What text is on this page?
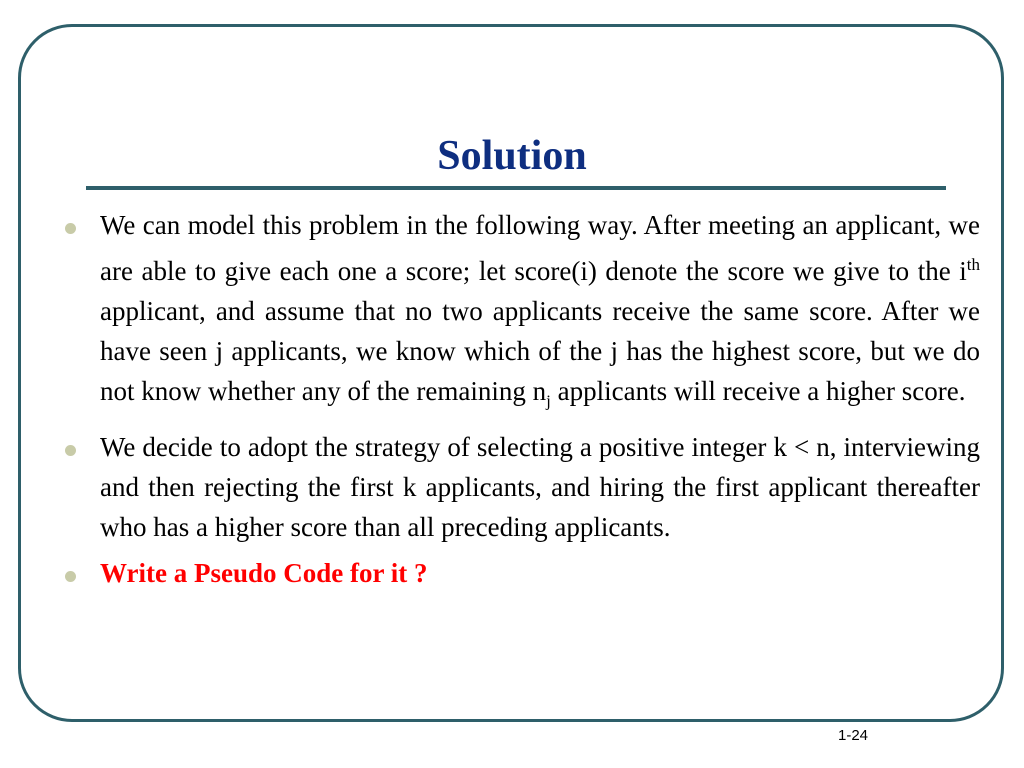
Solution
We can model this problem in the following way. After meeting an applicant, we are able to give each one a score; let score(i) denote the score we give to the $i^{th}$ applicant, and assume that no two applicants receive the same score. After we have seen j applicants, we know which of the j has the highest score, but we do not know whether any of the remaining $n_j$ applicants will receive a higher score.
We decide to adopt the strategy of selecting a positive integer k < n, interviewing and then rejecting the first k applicants, and hiring the first applicant thereafter who has a higher score than all preceding applicants.
Write a Pseudo Code for it ?
1-24
